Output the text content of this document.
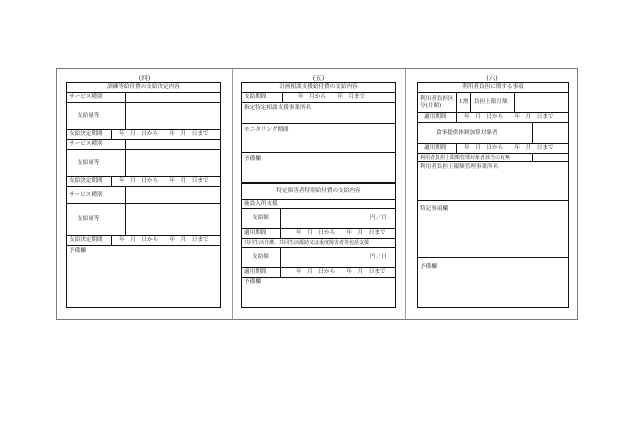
(四)
訓練等給付費の支給決定内容
サービス種別
支給量等
支給決定期間	年　月　日から　　年　月　日まで
サービス種別
支給量等
支給決定期間	年　月　日から　　年　月　日まで
サービス種別
支給量等
支給決定期間	年　月　日から　　年　月　日まで
予備欄
(五)
計画相談支援給付費の支給内容
支給期間	年　月から　　年　月まで
指定特定相談支援事業所名
モニタリング期間
予備欄
特定障害者特別給付費の支給内容
施設入所支援
支給額	円／月
適用期間	年　月　日から　　年　月　日まで
共同生活介護、共同生活援助又は重度障害者等包括支援
支給額	円／日
適用期間	年　月　日から　　年　月　日まで
予備欄
(六)
利用者負担に関する事項
利用者負担区分(月額)
1割 負担上限月額
適用期間	年　月　日から　　年　月　日まで
食事提供体制加算対象者
適用期間	年　月　日から　　年　月　日まで
利用者負担上限額管理対象者該当の有無
利用者負担上限額管理事業所名
特記事項欄
予備欄
